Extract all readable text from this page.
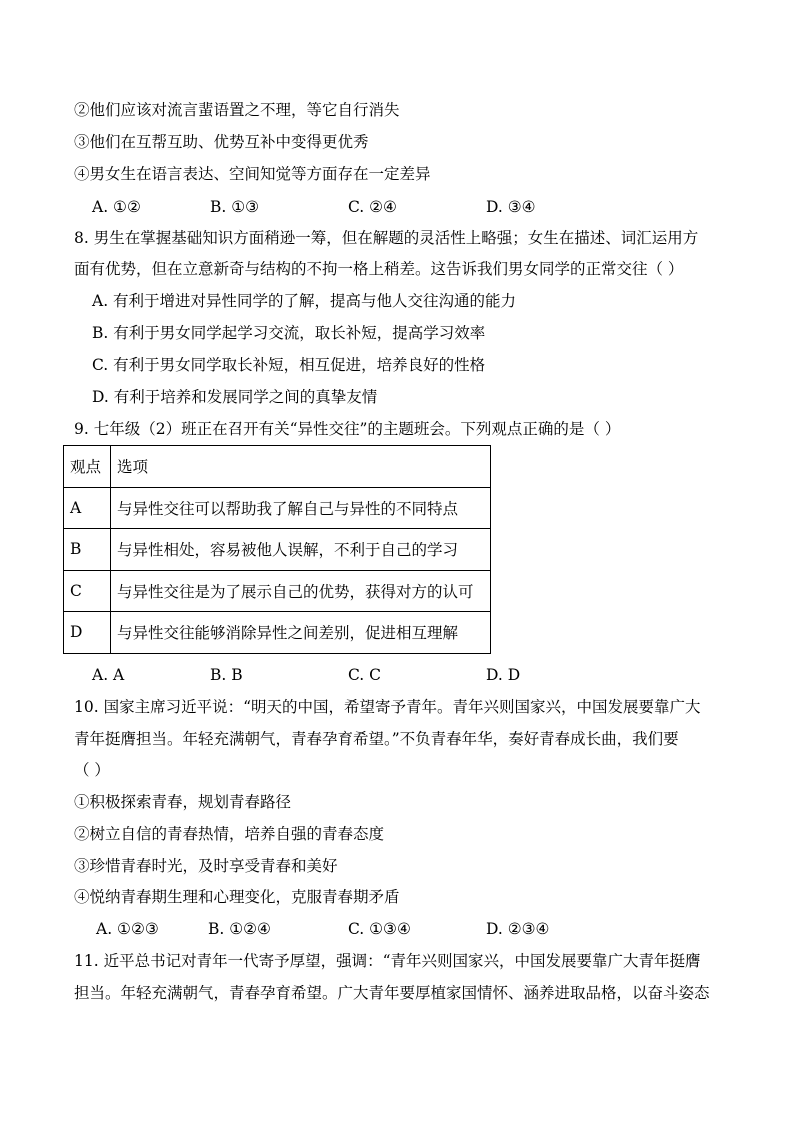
②他们应该对流言蜚语置之不理，等它自行消失
③他们在互帮互助、优势互补中变得更优秀
④男女生在语言表达、空间知觉等方面存在一定差异
A. ①②	B. ①③	C. ②④	D. ③④
8. 男生在掌握基础知识方面稍逊一筹，但在解题的灵活性上略强；女生在描述、词汇运用方
面有优势，但在立意新奇与结构的不拘一格上稍差。这告诉我们男女同学的正常交往（ ）
A. 有利于增进对异性同学的了解，提高与他人交往沟通的能力
B. 有利于男女同学起学习交流，取长补短，提高学习效率
C. 有利于男女同学取长补短，相互促进，培养良好的性格
D. 有利于培养和发展同学之间的真挚友情
9. 七年级（2）班正在召开有关“异性交往”的主题班会。下列观点正确的是（ ）
观点	选项
A	与异性交往可以帮助我了解自己与异性的不同特点
B	与异性相处，容易被他人误解，不利于自己的学习
C	与异性交往是为了展示自己的优势，获得对方的认可
D	与异性交往能够消除异性之间差别，促进相互理解
A. A	B. B	C. C	D. D
10. 国家主席习近平说：“明天的中国，希望寄予青年。青年兴则国家兴，中国发展要靠广大
青年挺膺担当。年轻充满朝气，青春孕育希望。”不负青春年华，奏好青春成长曲，我们要
（ ）
①积极探索青春，规划青春路径
②树立自信的青春热情，培养自强的青春态度
③珍惜青春时光，及时享受青春和美好
④悦纳青春期生理和心理变化，克服青春期矛盾
A. ①②③	B. ①②④	C. ①③④	D. ②③④
11. 近平总书记对青年一代寄予厚望，强调：“青年兴则国家兴，中国发展要靠广大青年挺膺
担当。年轻充满朝气，青春孕育希望。广大青年要厚植家国情怀、涵养进取品格，以奋斗姿态
